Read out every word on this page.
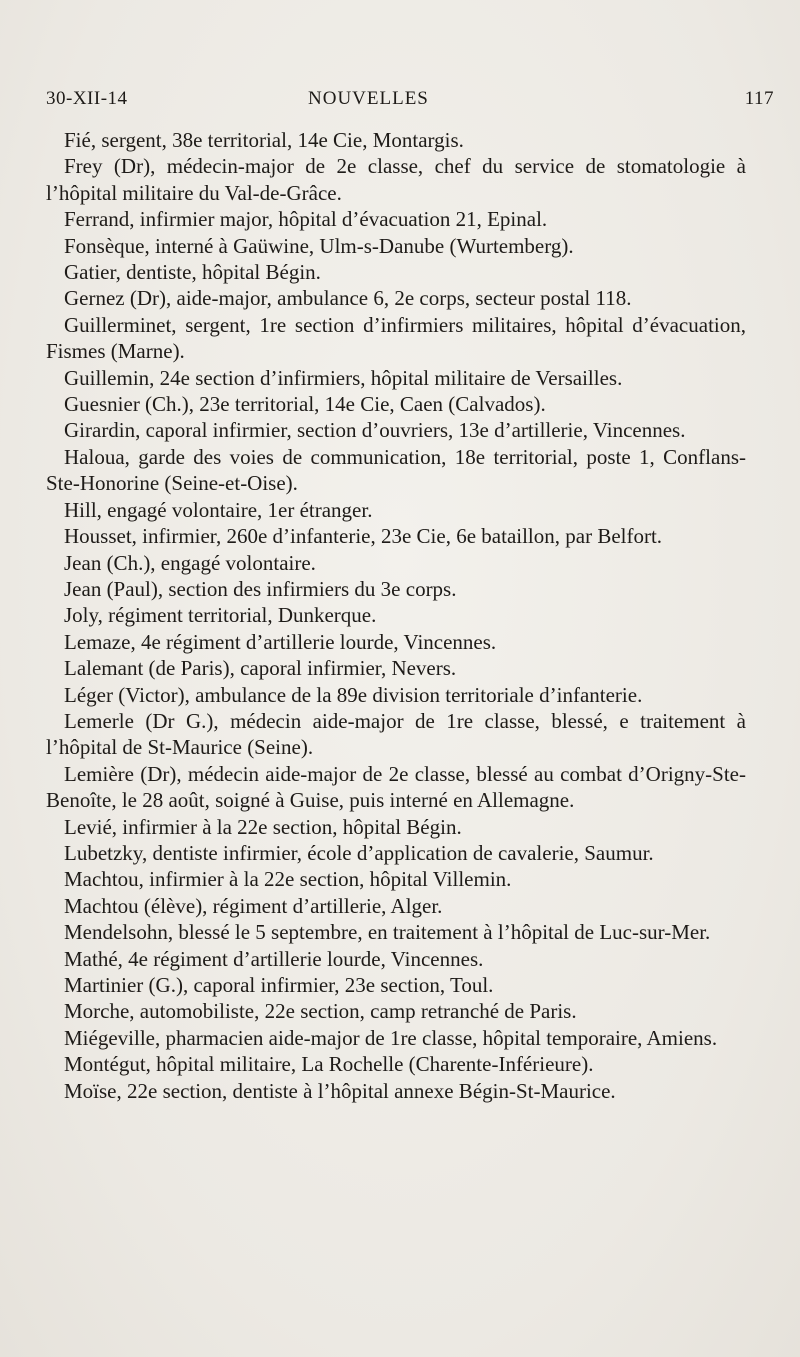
30-XII-14	NOUVELLES	117

Fié, sergent, 38e territorial, 14e Cie, Montargis.

Frey (Dr), médecin-major de 2e classe, chef du service de stomatologie à l’hôpital militaire du Val-de-Grâce.

Ferrand, infirmier major, hôpital d’évacuation 21, Epinal.

Fonsèque, interné à Gaüwine, Ulm-s-Danube (Wurtemberg).

Gatier, dentiste, hôpital Bégin.

Gernez (Dr), aide-major, ambulance 6, 2e corps, secteur postal 118.

Guillerminet, sergent, 1re section d’infirmiers militaires, hôpital d’évacuation, Fismes (Marne).

Guillemin, 24e section d’infirmiers, hôpital militaire de Versailles.

Guesnier (Ch.), 23e territorial, 14e Cie, Caen (Calvados).

Girardin, caporal infirmier, section d’ouvriers, 13e d’artillerie, Vincennes.

Haloua, garde des voies de communication, 18e territorial, poste 1, Conflans-Ste-Honorine (Seine-et-Oise).

Hill, engagé volontaire, 1er étranger.

Housset, infirmier, 260e d’infanterie, 23e Cie, 6e bataillon, par Belfort.

Jean (Ch.), engagé volontaire.

Jean (Paul), section des infirmiers du 3e corps.

Joly, régiment territorial, Dunkerque.

Lemaze, 4e régiment d’artillerie lourde, Vincennes.

Lalemant (de Paris), caporal infirmier, Nevers.

Léger (Victor), ambulance de la 89e division territoriale d’infanterie.

Lemerle (Dr G.), médecin aide-major de 1re classe, blessé, e traitement à l’hôpital de St-Maurice (Seine).

Lemière (Dr), médecin aide-major de 2e classe, blessé au combat d’Origny-Ste-Benoîte, le 28 août, soigné à Guise, puis interné en Allemagne.

Levié, infirmier à la 22e section, hôpital Bégin.

Lubetzky, dentiste infirmier, école d’application de cavalerie, Saumur.

Machtou, infirmier à la 22e section, hôpital Villemin.

Machtou (élève), régiment d’artillerie, Alger.

Mendelsohn, blessé le 5 septembre, en traitement à l’hôpital de Luc-sur-Mer.

Mathé, 4e régiment d’artillerie lourde, Vincennes.

Martinier (G.), caporal infirmier, 23e section, Toul.

Morche, automobiliste, 22e section, camp retranché de Paris.

Miégeville, pharmacien aide-major de 1re classe, hôpital temporaire, Amiens.

Montégut, hôpital militaire, La Rochelle (Charente-Inférieure).

Moïse, 22e section, dentiste à l’hôpital annexe Bégin-St-Maurice.
